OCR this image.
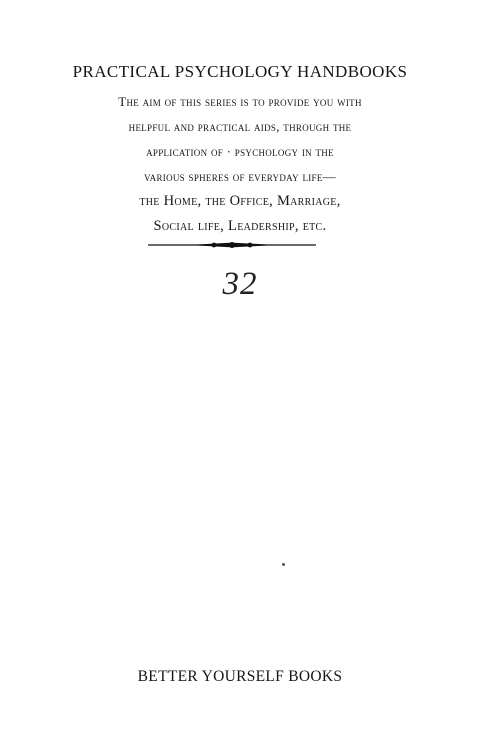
PRACTICAL PSYCHOLOGY HANDBOOKS
The aim of this series is to provide you with
helpful and practical aids, through the
application of · psychology in the
various spheres of everyday life—
the Home, the Office, Marriage,
Social life, Leadership, etc.
32
BETTER YOURSELF BOOKS
